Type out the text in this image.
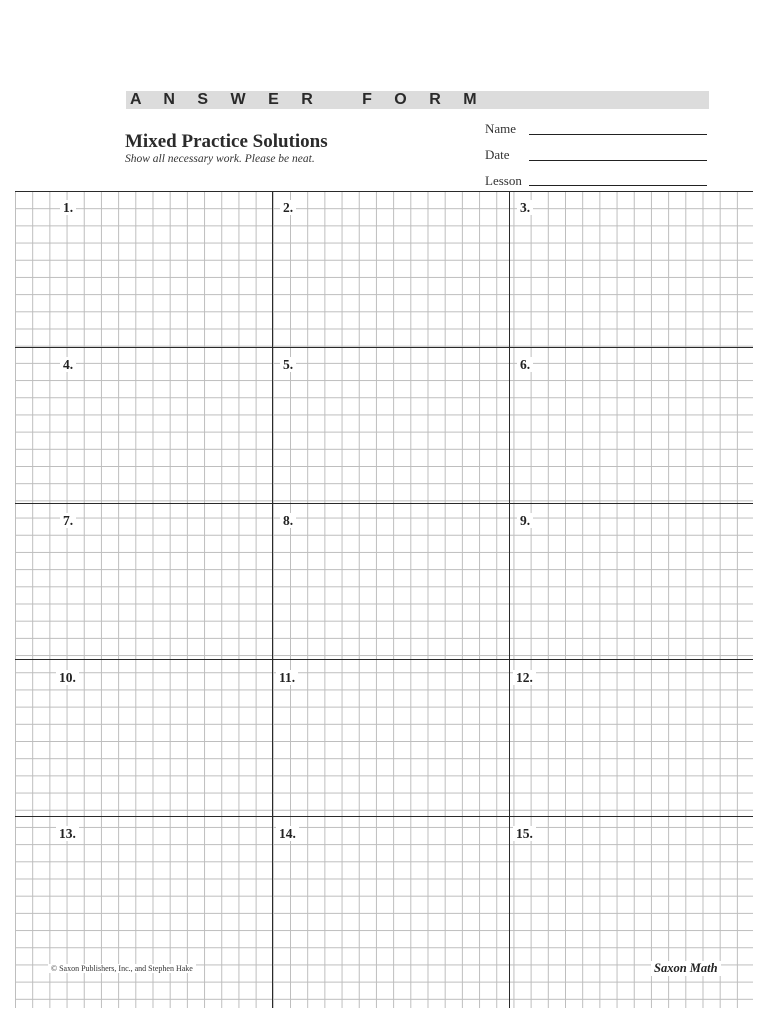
A N S W E R   F O R M
Mixed Practice Solutions
Show all necessary work. Please be neat.
Name
Date
Lesson
1.	2.	3.
4.	5.	6.
7.	8.	9.
10.	11.	12.
13.	14.	15.
© Saxon Publishers, Inc., and Stephen Hake	Saxon Math
